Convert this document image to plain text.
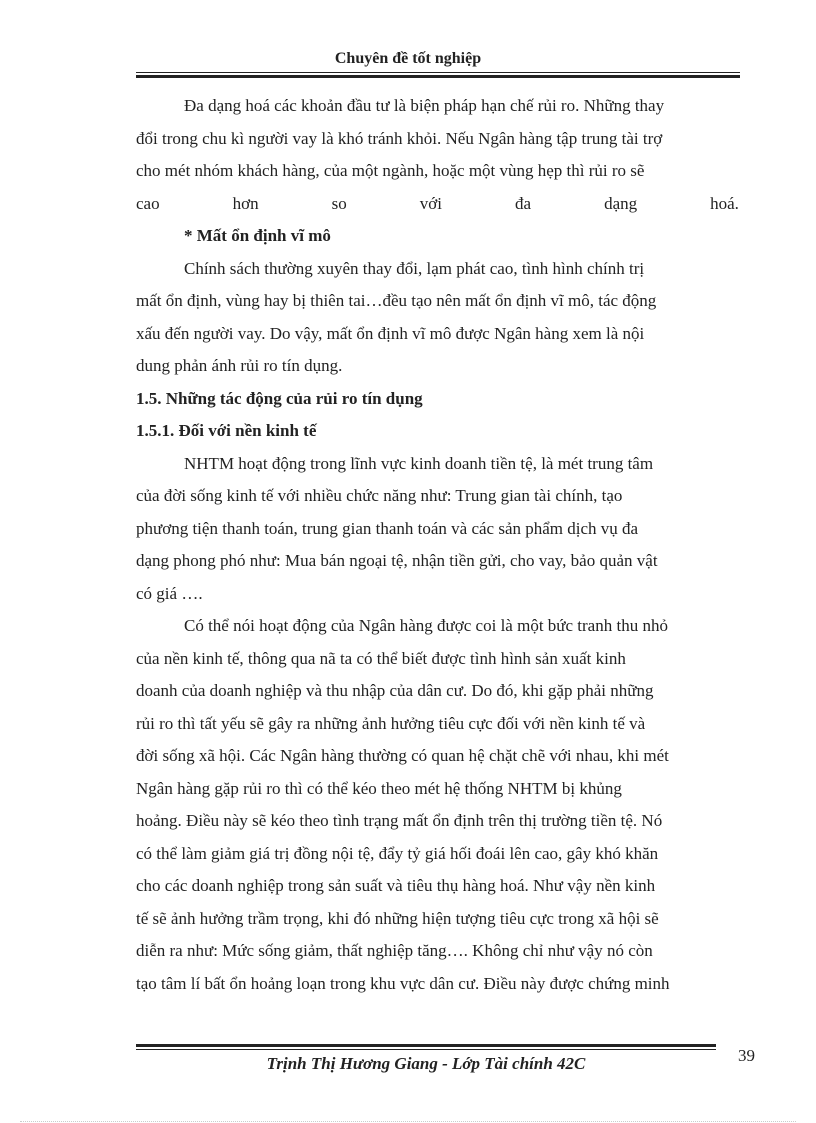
Chuyên đề tốt nghiệp
Đa dạng hoá các khoản đầu tư là biện pháp hạn chế rủi ro. Những thay
đổi trong chu kì người vay là khó tránh khỏi. Nếu Ngân hàng tập trung tài trợ
cho mét nhóm khách hàng, của một ngành, hoặc một vùng hẹp thì rủi ro sẽ
cao	hơn	so	với	đa	dạng	hoá.
* Mất ổn định vĩ mô
Chính sách thường xuyên thay đổi, lạm phát cao, tình hình chính trị
mất ổn định, vùng hay bị thiên tai…đều tạo nên mất ổn định vĩ mô, tác động
xấu đến người vay. Do vậy, mất ổn định vĩ mô được Ngân hàng xem là nội
dung phản ánh rủi ro tín dụng.
1.5. Những tác động của rủi ro tín dụng
1.5.1. Đối với nền kinh tế
NHTM hoạt động trong lĩnh vực kinh doanh tiền tệ, là mét trung tâm
của đời sống kinh tế với nhiều chức năng như: Trung gian tài chính, tạo
phương tiện thanh toán, trung gian thanh toán và các sản phẩm dịch vụ đa
dạng phong phó như: Mua bán ngoại tệ, nhận tiền gửi, cho vay, bảo quản vật
có giá ….
Có thể nói hoạt động của Ngân hàng được coi là một bức tranh thu nhỏ
của nền kinh tế, thông qua nã ta có thể biết được tình hình sản xuất kinh
doanh của doanh nghiệp và thu nhập của dân cư. Do đó, khi gặp phải những
rủi ro thì tất yếu sẽ gây ra những ảnh hưởng tiêu cực đối với nền kinh tế và
đời sống xã hội. Các Ngân hàng thường có quan hệ chặt chẽ với nhau, khi mét
Ngân hàng gặp rủi ro thì có thể kéo theo mét hệ thống NHTM bị khủng
hoảng. Điều này sẽ kéo theo tình trạng mất ổn định trên thị trường tiền tệ. Nó
có thể làm giảm giá trị đồng nội tệ, đẩy tỷ giá hối đoái lên cao, gây khó khăn
cho các doanh nghiệp trong sản suất và tiêu thụ hàng hoá. Như vậy nền kinh
tế sẽ ảnh hưởng trầm trọng, khi đó những hiện tượng tiêu cực trong xã hội sẽ
diễn ra như: Mức sống giảm, thất nghiệp tăng…. Không chỉ như vậy nó còn
tạo tâm lí bất ổn hoảng loạn trong khu vực dân cư. Điều này được chứng minh
Trịnh Thị Hương Giang - Lớp Tài chính 42C	39
